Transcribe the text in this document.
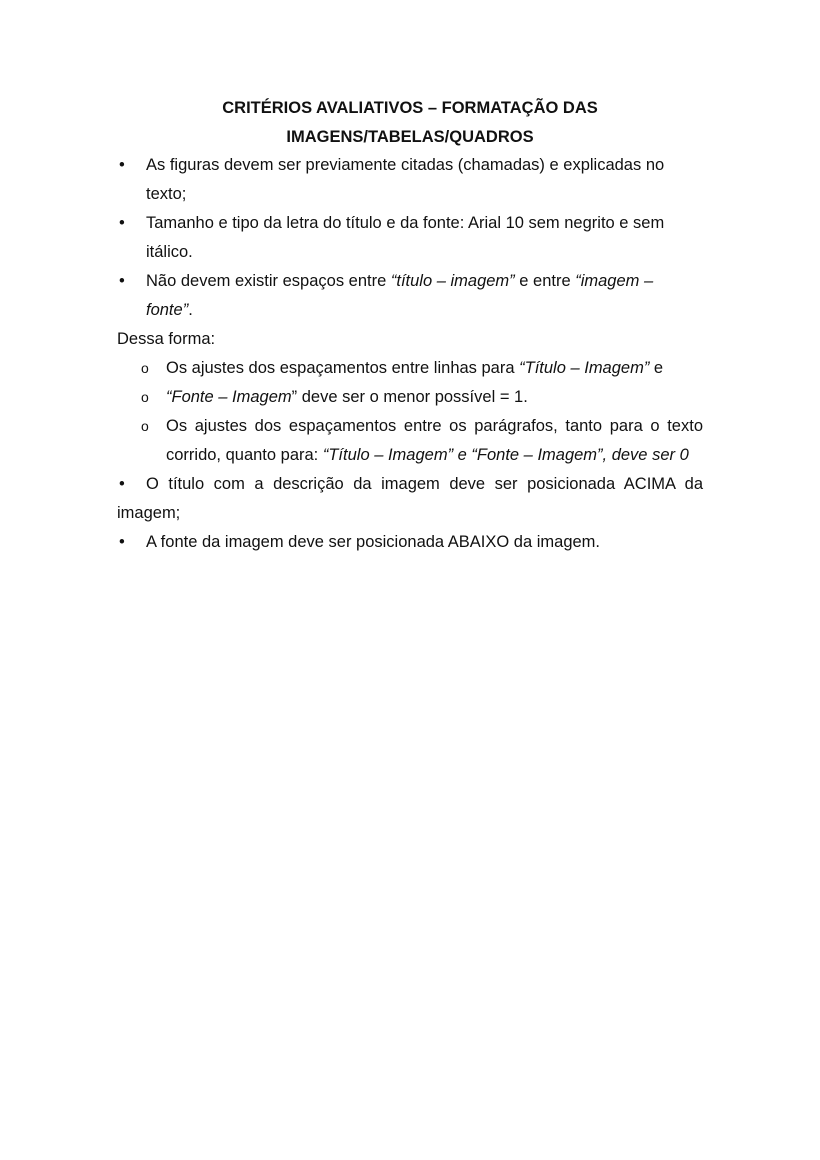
CRITÉRIOS AVALIATIVOS – FORMATAÇÃO DAS
IMAGENS/TABELAS/QUADROS
• As figuras devem ser previamente citadas (chamadas) e explicadas no texto;
• Tamanho e tipo da letra do título e da fonte: Arial 10 sem negrito e sem itálico.
• Não devem existir espaços entre “título – imagem” e entre “imagem – fonte”.
Dessa forma:
o Os ajustes dos espaçamentos entre linhas para “Título – Imagem” e
o “Fonte – Imagem” deve ser o menor possível = 1.
o Os ajustes dos espaçamentos entre os parágrafos, tanto para o texto
corrido, quanto para: “Título – Imagem” e “Fonte – Imagem”, deve ser 0
• O título com a descrição da imagem deve ser posicionada ACIMA da
imagem;
• A fonte da imagem deve ser posicionada ABAIXO da imagem.
